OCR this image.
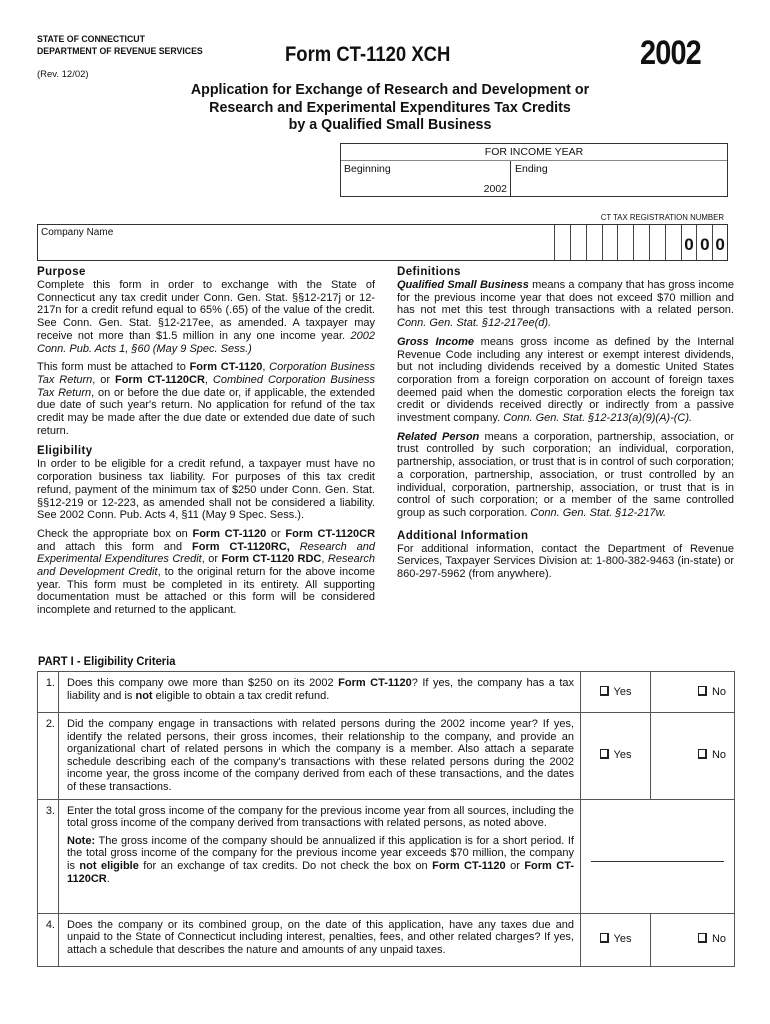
STATE OF CONNECTICUT
DEPARTMENT OF REVENUE SERVICES	Form CT-1120 XCH	2002
(Rev. 12/02)
Application for Exchange of Research and Development or
Research and Experimental Expenditures Tax Credits
by a Qualified Small Business
FOR INCOME YEAR
Beginning
2002
Ending
CT TAX REGISTRATION NUMBER
Company Name
0 0 0
Purpose

Complete this form in order to exchange with the State of Connecticut any tax credit under Conn. Gen. Stat. §§12-217j or 12-217n for a credit refund equal to 65% (.65) of the value of the credit. See Conn. Gen. Stat. §12-217ee, as amended. A taxpayer may receive not more than $1.5 million in any one income year. 2002 Conn. Pub. Acts 1, §60 (May 9 Spec. Sess.)

This form must be attached to Form CT-1120, Corporation Business Tax Return, or Form CT-1120CR, Combined Corporation Business Tax Return, on or before the due date or, if applicable, the extended due date of such year's return. No application for refund of the tax credit may be made after the due date or extended due date of such return.

Eligibility

In order to be eligible for a credit refund, a taxpayer must have no corporation business tax liability. For purposes of this tax credit refund, payment of the minimum tax of $250 under Conn. Gen. Stat. §§12-219 or 12-223, as amended shall not be considered a liability. See 2002 Conn. Pub. Acts 4, §11 (May 9 Spec. Sess.).

Check the appropriate box on Form CT-1120 or Form CT-1120CR and attach this form and Form CT-1120RC, Research and Experimental Expenditures Credit, or Form CT-1120 RDC, Research and Development Credit, to the original return for the above income year. This form must be completed in its entirety. All supporting documentation must be attached or this form will be considered incomplete and returned to the applicant.

Definitions

Qualified Small Business means a company that has gross income for the previous income year that does not exceed $70 million and has not met this test through transactions with a related person. Conn. Gen. Stat. §12-217ee(d).

Gross Income means gross income as defined by the Internal Revenue Code including any interest or exempt interest dividends, but not including dividends received by a domestic United States corporation from a foreign corporation on account of foreign taxes deemed paid when the domestic corporation elects the foreign tax credit or dividends received directly or indirectly from a passive investment company. Conn. Gen. Stat. §12-213(a)(9)(A)-(C).

Related Person means a corporation, partnership, association, or trust controlled by such corporation; an individual, corporation, partnership, association, or trust that is in control of such corporation; a corporation, partnership, association, or trust controlled by an individual, corporation, partnership, association, or trust that is in control of such corporation; or a member of the same controlled group as such corporation. Conn. Gen. Stat. §12-217w.

Additional Information

For additional information, contact the Department of Revenue Services, Taxpayer Services Division at: 1-800-382-9463 (in-state) or 860-297-5962 (from anywhere).

PART I - Eligibility Criteria
1.	Does this company owe more than $250 on its 2002 Form CT-1120? If yes, the company has a tax liability and is not eligible to obtain a tax credit refund.	Yes	No
2.	Did the company engage in transactions with related persons during the 2002 income year? If yes, identify the related persons, their gross incomes, their relationship to the company, and provide an organizational chart of related persons in which the company is a member. Also attach a separate schedule describing each of the company's transactions with these related persons during the 2002 income year, the gross income of the company derived from each of these transactions, and the dates of these transactions.	Yes	No
3.	Enter the total gross income of the company for the previous income year from all sources, including the total gross income of the company derived from transactions with related persons, as noted above.

Note: The gross income of the company should be annualized if this application is for a short period. If the total gross income of the company for the previous income year exceeds $70 million, the company is not eligible for an exchange of tax credits. Do not check the box on Form CT-1120 or Form CT-1120CR.		

4.	Does the company or its combined group, on the date of this application, have any taxes due and unpaid to the State of Connecticut including interest, penalties, fees, and other related charges? If yes, attach a schedule that describes the nature and amounts of any unpaid taxes.	Yes	No
